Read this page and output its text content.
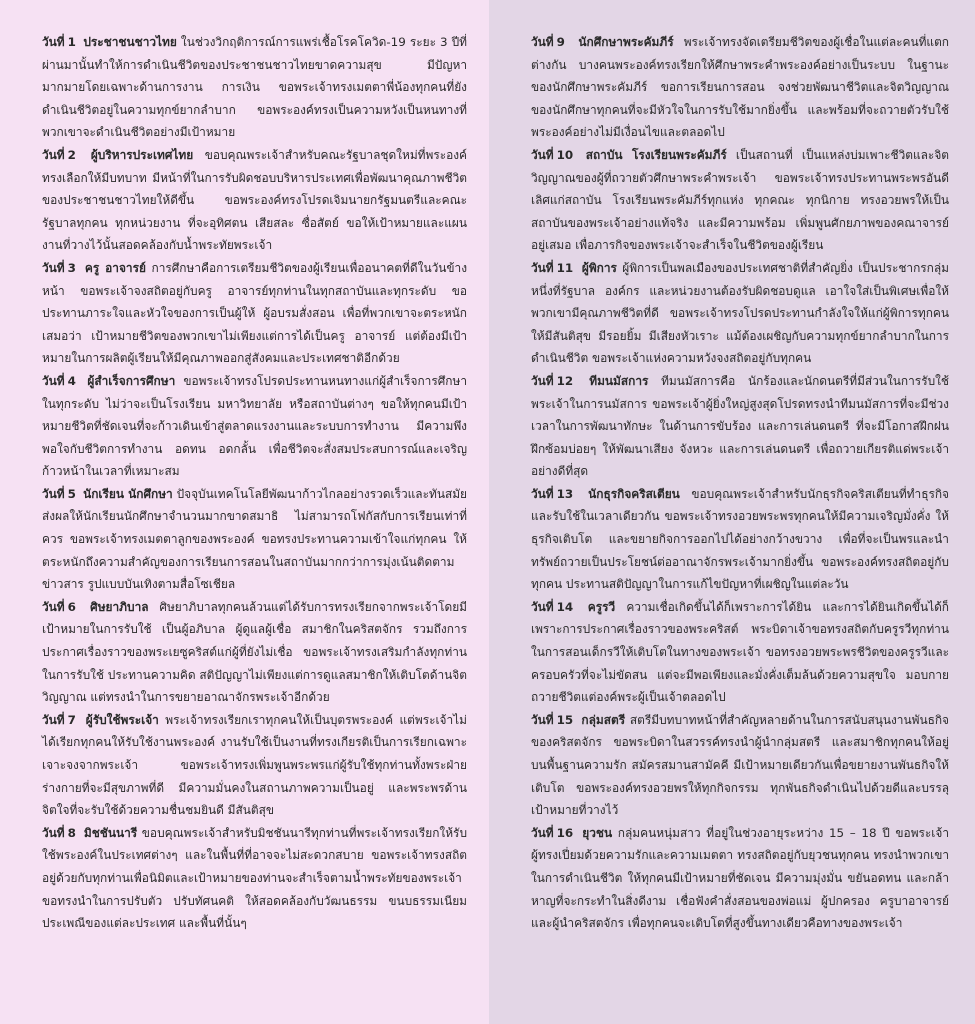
วันที่ 1 ประชาชนชาวไทย ในช่วงวิกฤติการณ์การแพร่เชื้อโรคโควิด-19 ระยะ 3 ปีที่ผ่านมานั้นทำให้การดำเนินชีวิตของประชาชนชาวไทยขาดความสุข มีปัญหามากมายโดยเฉพาะด้านการงาน การเงิน ขอพระเจ้าทรงเมตตาพี่น้องทุกคนที่ยังดำเนินชีวิตอยู่ในความทุกข์ยากลำบาก ขอพระองค์ทรงเป็นความหวังเป็นหนทางที่พวกเขาจะดำเนินชีวิตอย่างมีเป้าหมาย

วันที่ 2 ผู้บริหารประเทศไทย ขอบคุณพระเจ้าสำหรับคณะรัฐบาลชุดใหม่ที่พระองค์ทรงเลือกให้มีบทบาท มีหน้าที่ในการรับผิดชอบบริหารประเทศเพื่อพัฒนาคุณภาพชีวิตของประชาชนชาวไทยให้ดีขึ้น ขอพระองค์ทรงโปรดเจิมนายกรัฐมนตรีและคณะรัฐบาลทุกคน ทุกหน่วยงาน ที่จะอุทิศตน เสียสละ ซื่อสัตย์ ขอให้เป้าหมายและแผนงานที่วางไว้นั้นสอดคล้องกับน้ำพระทัยพระเจ้า

วันที่ 3 ครู อาจารย์ การศึกษาคือการเตรียมชีวิตของผู้เรียนเพื่ออนาคตที่ดีในวันข้างหน้า ขอพระเจ้าจงสถิตอยู่กับครู อาจารย์ทุกท่านในทุกสถาบันและทุกระดับ ขอประทานภาระใจและหัวใจของการเป็นผู้ให้ ผู้อบรมสั่งสอน เพื่อที่พวกเขาจะตระหนักเสมอว่า เป้าหมายชีวิตของพวกเขาไม่เพียงแต่การได้เป็นครู อาจารย์ แต่ต้องมีเป้าหมายในการผลิตผู้เรียนให้มีคุณภาพออกสู่สังคมและประเทศชาติอีกด้วย

วันที่ 4 ผู้สำเร็จการศึกษา ขอพระเจ้าทรงโปรดประทานหนทางแก่ผู้สำเร็จการศึกษาในทุกระดับ ไม่ว่าจะเป็นโรงเรียน มหาวิทยาลัย หรือสถาบันต่างๆ ขอให้ทุกคนมีเป้าหมายชีวิตที่ชัดเจนที่จะก้าวเดินเข้าสู่ตลาดแรงงานและระบบการทำงาน มีความพึงพอใจกับชีวิตการทำงาน อดทน อดกลั้น เพื่อชีวิตจะสั่งสมประสบการณ์และเจริญก้าวหน้าในเวลาที่เหมาะสม

วันที่ 5 นักเรียน นักศึกษา ปัจจุบันเทคโนโลยีพัฒนาก้าวไกลอย่างรวดเร็วและทันสมัย ส่งผลให้นักเรียนนักศึกษาจำนวนมากขาดสมาธิ ไม่สามารถโฟกัสกับการเรียนเท่าที่ควร ขอพระเจ้าทรงเมตตาลูกของพระองค์ ขอทรงประทานความเข้าใจแก่ทุกคน ให้ตระหนักถึงความสำคัญของการเรียนการสอนในสถาบันมากกว่าการมุ่งเน้นติดตามข่าวสาร รูปแบบบันเทิงตามสื่อโซเชียล

วันที่ 6 ศิษยาภิบาล ศิษยาภิบาลทุกคนล้วนแต่ได้รับการทรงเรียกจากพระเจ้าโดยมีเป้าหมายในการรับใช้ เป็นผู้อภิบาล ผู้ดูแลผู้เชื่อ สมาชิกในคริสตจักร รวมถึงการประกาศเรื่องราวของพระเยซูคริสต์แก่ผู้ที่ยังไม่เชื่อ ขอพระเจ้าทรงเสริมกำลังทุกท่านในการรับใช้ ประทานความคิด สติปัญญาไม่เพียงแต่การดูแลสมาชิกให้เติบโตด้านจิตวิญญาณ แต่ทรงนำในการขยายอาณาจักรพระเจ้าอีกด้วย

วันที่ 7 ผู้รับใช้พระเจ้า พระเจ้าทรงเรียกเราทุกคนให้เป็นบุตรพระองค์ แต่พระเจ้าไม่ได้เรียกทุกคนให้รับใช้งานพระองค์ งานรับใช้เป็นงานที่ทรงเกียรติเป็นการเรียกเฉพาะเจาะจงจากพระเจ้า ขอพระเจ้าทรงเพิ่มพูนพระพรแก่ผู้รับใช้ทุกท่านทั้งพระฝ่ายร่างกายที่จะมีสุขภาพที่ดี มีความมั่นคงในสถานภาพความเป็นอยู่ และพระพรด้านจิตใจที่จะรับใช้ด้วยความชื่นชมยินดี มีสันติสุข

วันที่ 8 มิชชันนารี ขอบคุณพระเจ้าสำหรับมิชชันนารีทุกท่านที่พระเจ้าทรงเรียกให้รับใช้พระองค์ในประเทศต่างๆ และในพื้นที่ที่อาจจะไม่สะดวกสบาย ขอพระเจ้าทรงสถิตอยู่ด้วยกับทุกท่านเพื่อนิมิตและเป้าหมายของท่านจะสำเร็จตามน้ำพระทัยของพระเจ้า ขอทรงนำในการปรับตัว ปรับทัศนคติ ให้สอดคล้องกับวัฒนธรรม ขนบธรรมเนียมประเพณีของแต่ละประเทศ และพื้นที่นั้นๆ

วันที่ 9 นักศึกษาพระคัมภีร์ พระเจ้าทรงจัดเตรียมชีวิตของผู้เชื่อในแต่ละคนที่แตกต่างกัน บางคนพระองค์ทรงเรียกให้ศึกษาพระคำพระองค์อย่างเป็นระบบ ในฐานะของนักศึกษาพระคัมภีร์ ขอการเรียนการสอน จงช่วยพัฒนาชีวิตและจิตวิญญาณของนักศึกษาทุกคนที่จะมีหัวใจในการรับใช้มากยิ่งขึ้น และพร้อมที่จะถวายตัวรับใช้พระองค์อย่างไม่มีเงื่อนไขและตลอดไป

วันที่ 10 สถาบัน โรงเรียนพระคัมภีร์ เป็นสถานที่ เป็นแหล่งบ่มเพาะชีวิตและจิตวิญญาณของผู้ที่ถวายตัวศึกษาพระคำพระเจ้า ขอพระเจ้าทรงประทานพระพรอันดีเลิศแก่สถาบัน โรงเรียนพระคัมภีร์ทุกแห่ง ทุกคณะ ทุกนิกาย ทรงอวยพรให้เป็นสถาบันของพระเจ้าอย่างแท้จริง และมีความพร้อม เพิ่มพูนศักยภาพของคณาจารย์อยู่เสมอ เพื่อภารกิจของพระเจ้าจะสำเร็จในชีวิตของผู้เรียน

วันที่ 11 ผู้พิการ ผู้พิการเป็นพลเมืองของประเทศชาติที่สำคัญยิ่ง เป็นประชากรกลุ่มหนึ่งที่รัฐบาล องค์กร และหน่วยงานต้องรับผิดชอบดูแล เอาใจใส่เป็นพิเศษเพื่อให้พวกเขามีคุณภาพชีวิตที่ดี ขอพระเจ้าทรงโปรดประทานกำลังใจให้แก่ผู้พิการทุกคนให้มีสันติสุข มีรอยยิ้ม มีเสียงหัวเราะ แม้ต้องเผชิญกับความทุกข์ยากลำบากในการดำเนินชีวิต ขอพระเจ้าแห่งความหวังจงสถิตอยู่กับทุกคน

วันที่ 12 ทีมนมัสการ ทีมนมัสการคือ นักร้องและนักดนตรีที่มีส่วนในการรับใช้พระเจ้าในการนมัสการ ขอพระเจ้าผู้ยิ่งใหญ่สูงสุดโปรดทรงนำทีมนมัสการที่จะมีช่วงเวลาในการพัฒนาทักษะ ในด้านการขับร้อง และการเล่นดนตรี ที่จะมีโอกาสฝึกฝน ฝึกซ้อมบ่อยๆ ให้พัฒนาเสียง จังหวะ และการเล่นดนตรี เพื่อถวายเกียรติแด่พระเจ้าอย่างดีที่สุด

วันที่ 13 นักธุรกิจคริสเตียน ขอบคุณพระเจ้าสำหรับนักธุรกิจคริสเตียนที่ทำธุรกิจและรับใช้ในเวลาเดียวกัน ขอพระเจ้าทรงอวยพระพรทุกคนให้มีความเจริญมั่งคั่ง ให้ธุรกิจเติบโต และขยายกิจการออกไปได้อย่างกว้างขวาง เพื่อที่จะเป็นพรและนำทรัพย์ถวายเป็นประโยชน์ต่ออาณาจักรพระเจ้ามากยิ่งขึ้น ขอพระองค์ทรงสถิตอยู่กับทุกคน ประทานสติปัญญาในการแก้ไขปัญหาที่เผชิญในแต่ละวัน

วันที่ 14 ครูรวี ความเชื่อเกิดขึ้นได้ก็เพราะการได้ยิน และการได้ยินเกิดขึ้นได้ก็เพราะการประกาศเรื่องราวของพระคริสต์ พระบิดาเจ้าขอทรงสถิตกับครูรวีทุกท่านในการสอนเด็กรวีให้เติบโตในทางของพระเจ้า ขอทรงอวยพระพรชีวิตของครูรวีและครอบครัวที่จะไม่ขัดสน แต่จะมีพอเพียงและมั่งคั่งเต็มล้นด้วยความสุขใจ มอบกายถวายชีวิตแต่องค์พระผู้เป็นเจ้าตลอดไป

วันที่ 15 กลุ่มสตรี สตรีมีบทบาทหน้าที่สำคัญหลายด้านในการสนับสนุนงานพันธกิจของคริสตจักร ขอพระบิดาในสวรรค์ทรงนำผู้นำกลุ่มสตรี และสมาชิกทุกคนให้อยู่บนพื้นฐานความรัก สมัครสมานสามัคคี มีเป้าหมายเดียวกันเพื่อขยายงานพันธกิจให้เติบโต ขอพระองค์ทรงอวยพรให้ทุกกิจกรรม ทุกพันธกิจดำเนินไปด้วยดีและบรรลุเป้าหมายที่วางไว้

วันที่ 16 ยุวชน กลุ่มคนหนุ่มสาว ที่อยู่ในช่วงอายุระหว่าง 15 – 18 ปี ขอพระเจ้าผู้ทรงเปี่ยมด้วยความรักและความเมตตา ทรงสถิตอยู่กับยุวชนทุกคน ทรงนำพวกเขาในการดำเนินชีวิต ให้ทุกคนมีเป้าหมายที่ชัดเจน มีความมุ่งมั่น ขยันอดทน และกล้าหาญที่จะกระทำในสิ่งดีงาม เชื่อฟังคำสั่งสอนของพ่อแม่ ผู้ปกครอง ครูบาอาจารย์และผู้นำคริสตจักร เพื่อทุกคนจะเติบโตที่สูงขึ้นทางเดียวคือทางของพระเจ้า
